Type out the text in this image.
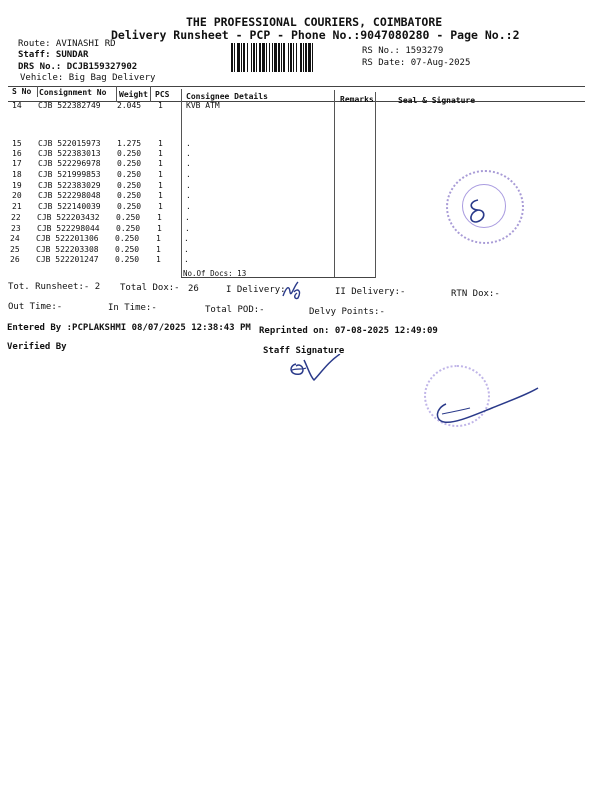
THE PROFESSIONAL COURIERS, COIMBATORE
Delivery Runsheet - PCP - Phone No.:9047080280 - Page No.:2
Route: AVINASHI RD
Staff: SUNDAR
DRS No.: DCJB159327902
Vehicle: Big Bag Delivery
RS No.: 1593279
RS Date: 07-Aug-2025
S No Consignment No Weight PCS Consignee Details	Remarks	Seal & Signature
14 CJB 522382749 2.045 1	KVB ATM
15 CJB 522015973 1.275 1	.
16 CJB 522383013 0.250 1	.
17 CJB 522296978 0.250 1	.
18 CJB 521999853 0.250 1	.
19 CJB 522383029 0.250 1	.
20 CJB 522298048 0.250 1	.
21 CJB 522140039 0.250 1	.
22 CJB 522203432 0.250 1	.
23 CJB 522298044 0.250 1	.
24 CJB 522201306 0.250 1	.
25 CJB 522203308 0.250 1	.
26 CJB 522201247 0.250 1	.
No.Of Docs: 13
Tot. Runsheet:- 2 Total Dox:- 26	I Delivery:	II Delivery:-	RTN Dox:-
Out Time:-	In Time:-	Total POD:-	Delvy Points:-
Entered By :PCPLAKSHMI 08/07/2025 12:38:43 PM Reprinted on: 07-08-2025 12:49:09
Verified By	Staff Signature
